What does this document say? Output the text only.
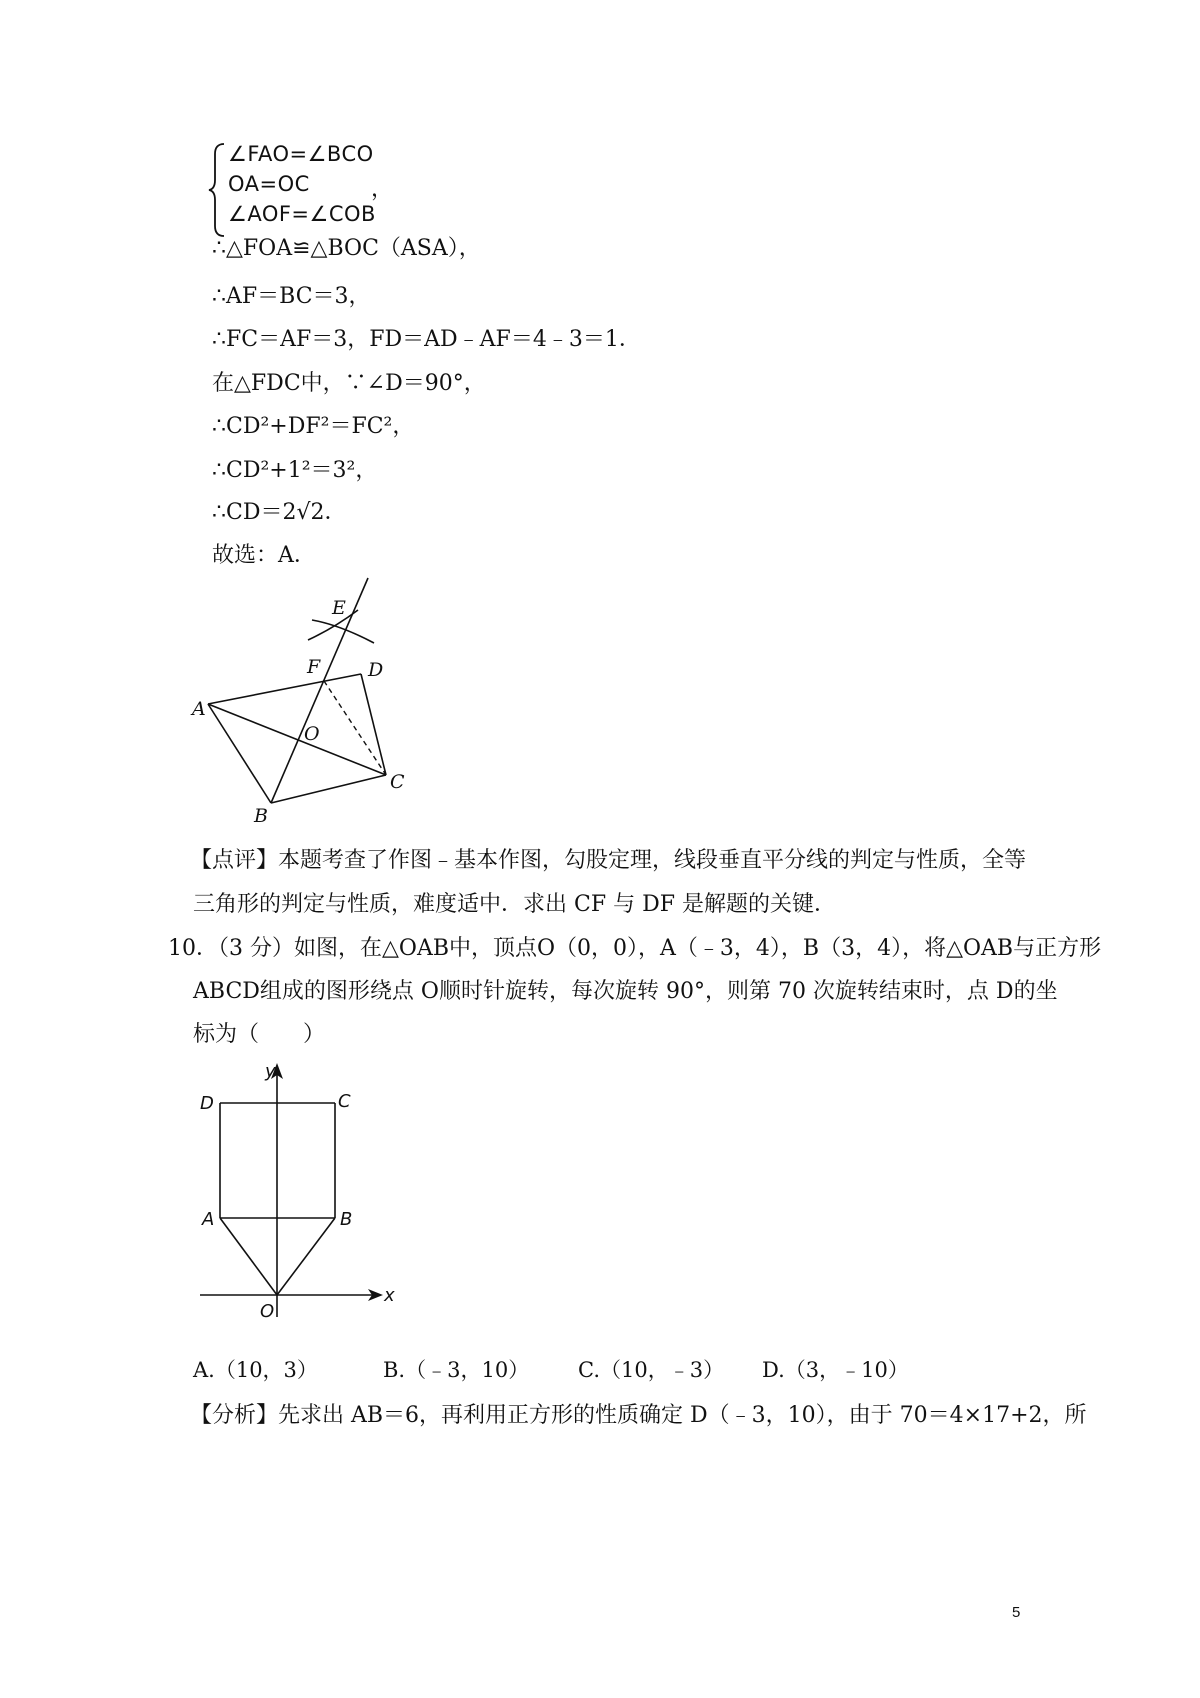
∠FAO=∠BCO
OA=OC	，
∠AOF=∠COB
∴△FOA≌△BOC（ASA），
∴AF＝BC＝3，
∴FC＝AF＝3，FD＝AD﹣AF＝4﹣3＝1．
在△FDC中，∵∠D＝90°，
∴CD²+DF²＝FC²，
∴CD²+1²＝3²，
∴CD＝2√2．
故选：A．
E
F	D
A
O
C
B
【点评】本题考查了作图﹣基本作图，勾股定理，线段垂直平分线的判定与性质，全等
三角形的判定与性质，难度适中．求出 CF 与 DF 是解题的关键．
10．（3 分）如图，在△OAB中，顶点O（0，0），A（﹣3，4），B（3，4），将△OAB与正方形
ABCD组成的图形绕点 O顺时针旋转，每次旋转 90°，则第 70 次旋转结束时，点 D的坐
标为（　　）
y
x
D	C
A	B
O
A.（10，3）	B.（﹣3，10） C.（10，﹣3） D.（3，﹣10）
【分析】先求出 AB＝6，再利用正方形的性质确定 D（﹣3，10），由于 70＝4×17+2，所
5
